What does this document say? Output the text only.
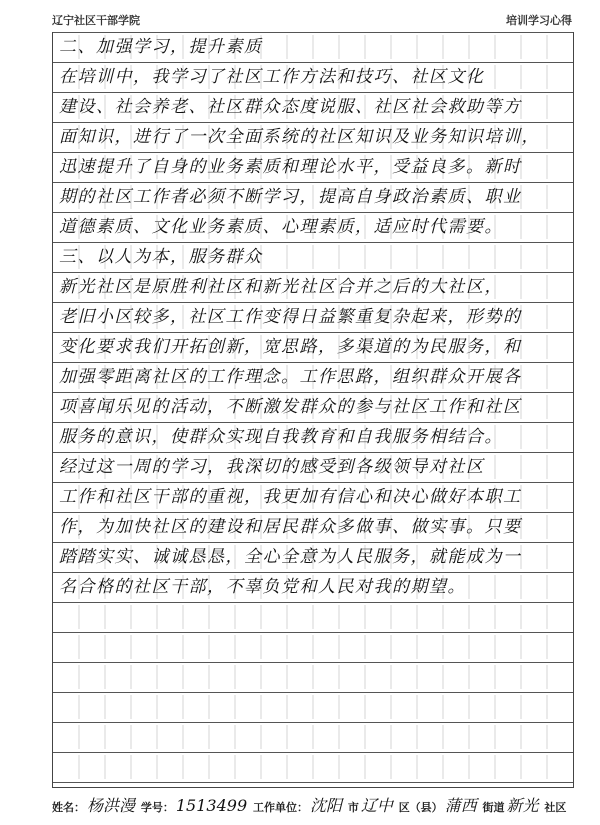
辽宁社区干部学院	培训学习心得
二、加强学习，提升素质
在培训中，我学习了社区工作方法和技巧、社区文化
建设、社会养老、社区群众态度说服、社区社会救助等方
面知识，进行了一次全面系统的社区知识及业务知识培训，
迅速提升了自身的业务素质和理论水平，受益良多。新时
期的社区工作者必须不断学习，提高自身政治素质、职业
道德素质、文化业务素质、心理素质，适应时代需要。
三、以人为本，服务群众
新光社区是原胜利社区和新光社区合并之后的大社区，
老旧小区较多，社区工作变得日益繁重复杂起来，形势的
变化要求我们开拓创新，宽思路，多渠道的为民服务，和
加强零距离社区的工作理念。工作思路，组织群众开展各
项喜闻乐见的活动，不断激发群众的参与社区工作和社区
服务的意识，使群众实现自我教育和自我服务相结合。
经过这一周的学习，我深切的感受到各级领导对社区
工作和社区干部的重视，我更加有信心和决心做好本职工
作，为加快社区的建设和居民群众多做事、做实事。只要
踏踏实实、诚诚恳恳，全心全意为人民服务，就能成为一
名合格的社区干部，不辜负党和人民对我的期望。
姓名： 杨洪漫 学号： 1513499 工作单位： 沈阳 市 辽中 区（县） 蒲西 街道 新光 社区
